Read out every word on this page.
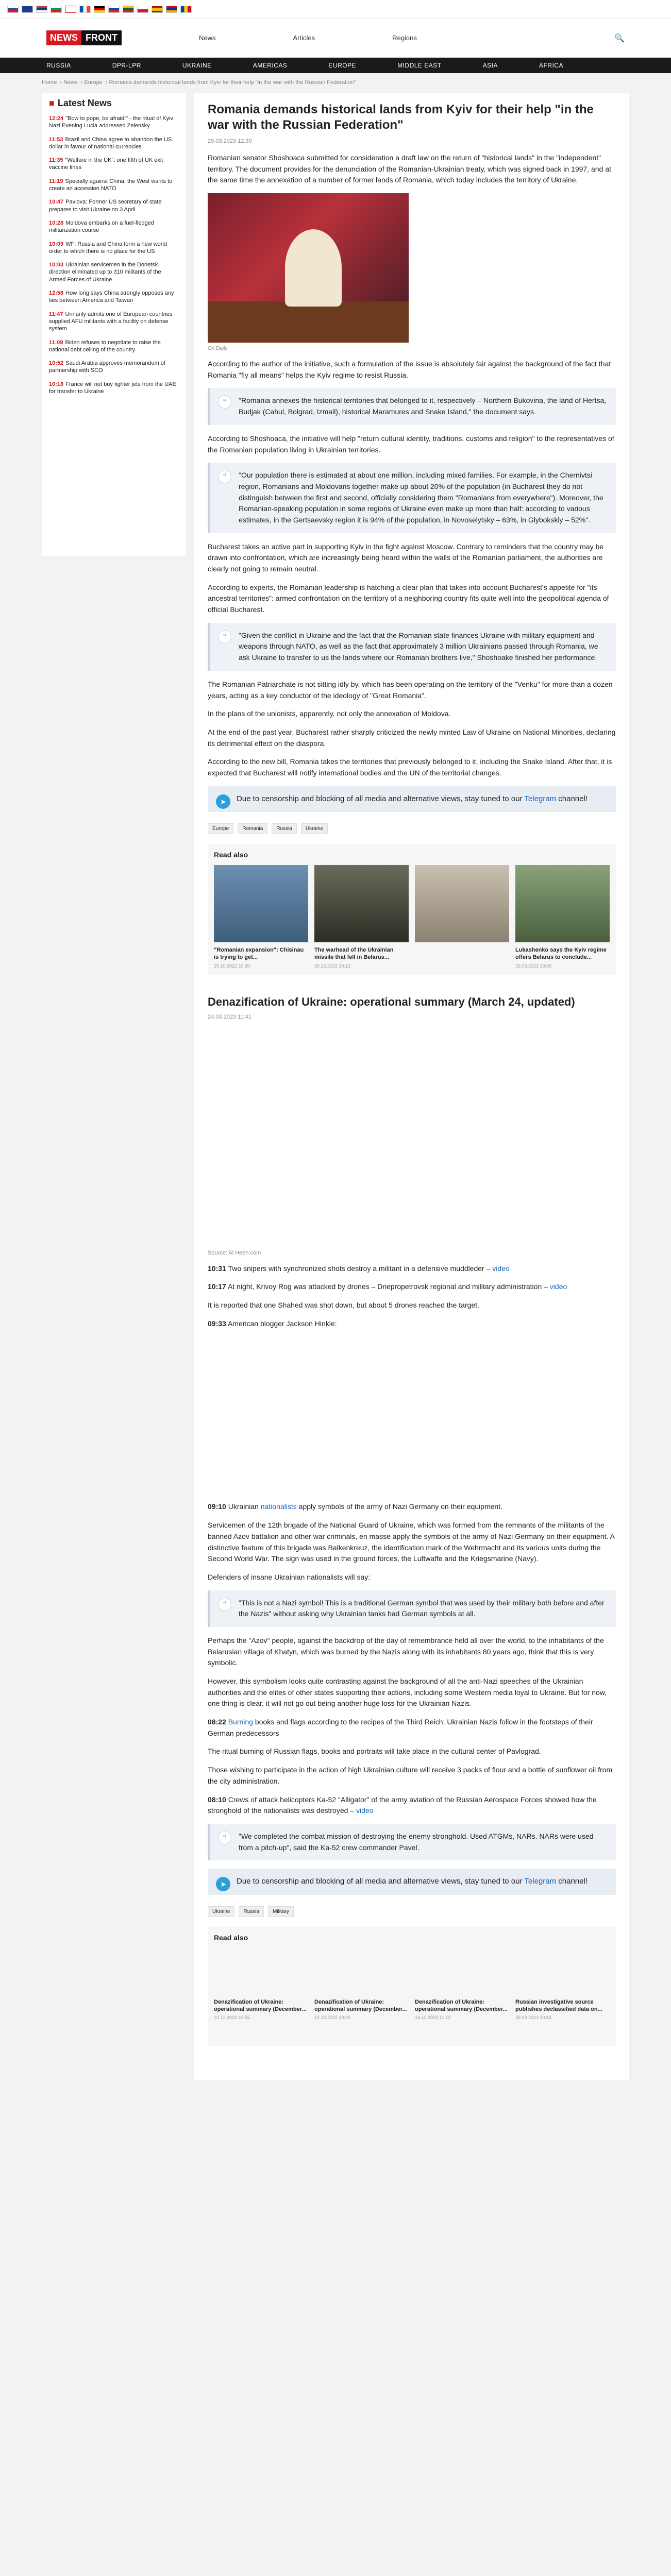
NEWS FRONT	News	Articles	Regions	🔍
RUSSIA	DPR-LPR	UKRAINE	AMERICAS	EUROPE	MIDDLE EAST	ASIA	AFRICA
Home › News › Europe › Romania demands historical lands from Kyiv for their help "in the war with the Russian Federation"
■ Latest News
12:24 "Bow to pope, be afraid!" - the ritual of Kyiv Nazi Evening Lucia addressed Zelensky
11:53 Brazil and China agree to abandon the US dollar in favour of national currencies
11:35 "Welfare in the UK": one fifth of UK exit vaccine lines
11:19 Specially against China, the West wants to create an accession NATO
10:47 Pavlova: Former US secretary of state prepares to visit Ukraine on 3 April
10:28 Moldova embarks on a fuel-fledged militarization course
10:09 WF: Russia and China form a new world order to which there is no place for the US
10:03 Ukrainian servicemen in the Donetsk direction eliminated up to 310 militants of the Armed Forces of Ukraine
12:58 How long says China strongly opposes any ties between America and Taiwan
11:47 Urinarily admits one of European countries supplied AFU militants with a facility on defense system
11:09 Biden refuses to negotiate to raise the national debt ceiling of the country
10:52 Saudi Arabia approves memorandum of partnership with SCO
10:18 France will not buy fighter jets from the UAE for transfer to Ukraine
Romania demands historical lands from Kyiv for their help "in the war with the Russian Federation"
29.03.2023 12:30

Romanian senator Shoshoaca submitted for consideration a draft law on the return of "historical lands" in the "independent" territory. The document provides for the denunciation of the Romanian-Ukrainian treaty, which was signed back in 1997, and at the same time the annexation of a number of former lands of Romania, which today includes the territory of Ukraine.

On Daily

According to the author of the initiative, such a formulation of the issue is absolutely fair against the background of the fact that Romania "fly all means" helps the Kyiv regime to resist Russia.

“	"Romania annexes the historical territories that belonged to it, respectively – Northern Bukovina, the land of Hertsa, Budjak (Cahul, Bolgrad, Izmail), historical Maramures and Snake Island," the document says.

According to Shoshoaca, the initiative will help "return cultural identity, traditions, customs and religion" to the representatives of the Romanian population living in Ukrainian territories.

“	"Our population there is estimated at about one million, including mixed families. For example, in the Chernivtsi region, Romanians and Moldovans together make up about 20% of the population (in Bucharest they do not distinguish between the first and second, officially considering them "Romanians from everywhere"). Moreover, the Romanian-speaking population in some regions of Ukraine even make up more than half: according to various estimates, in the Gertsaevsky region it is 94% of the population, in Novoselytsky – 63%, in Glybokskiy – 52%".

Bucharest takes an active part in supporting Kyiv in the fight against Moscow. Contrary to reminders that the country may be drawn into confrontation, which are increasingly being heard within the walls of the Romanian parliament, the authorities are clearly not going to remain neutral.

According to experts, the Romanian leadership is hatching a clear plan that takes into account Bucharest's appetite for "its ancestral territories": armed confrontation on the territory of a neighboring country fits quite well into the geopolitical agenda of official Bucharest.

“	"Given the conflict in Ukraine and the fact that the Romanian state finances Ukraine with military equipment and weapons through NATO, as well as the fact that approximately 3 million Ukrainians passed through Romania, we ask Ukraine to transfer to us the lands where our Romanian brothers live," Shoshoake finished her performance.

The Romanian Patriarchate is not sitting idly by, which has been operating on the territory of the "Venku" for more than a dozen years, acting as a key conductor of the ideology of "Great Romania".

In the plans of the unionists, apparently, not only the annexation of Moldova.

At the end of the past year, Bucharest rather sharply criticized the newly minted Law of Ukraine on National Minorities, declaring its detrimental effect on the diaspora.

According to the new bill, Romania takes the territories that previously belonged to it, including the Snake Island. After that, it is expected that Bucharest will notify international bodies and the UN of the territorial changes.

➤	Due to censorship and blocking of all media and alternative views, stay tuned to our Telegram channel!
Europe	Romania	Russia	Ukraine
Read also
"Romanian expansion": Chisinau is trying to get...
25.10.2022 10:30
The warhead of the Ukrainian missile that fell in Belarus...
30.12.2022 10:12
Lukashenko says the Kyiv regime offers Belarus to conclude...
29.03.2023 13:05
Denazification of Ukraine: operational summary (March 24, updated)
24.03.2023 11:41
Source: Al Heen.com

10:31 Two snipers with synchronized shots destroy a militant in a defensive muddleder – video

10:17 At night, Krivoy Rog was attacked by drones – Dnepropetrovsk regional and military administration – video

It is reported that one Shahed was shot down, but about 5 drones reached the target.

09:33 American blogger Jackson Hinkle:

09:10 Ukrainian nationalists apply symbols of the army of Nazi Germany on their equipment.

Servicemen of the 12th brigade of the National Guard of Ukraine, which was formed from the remnants of the militants of the banned Azov battalion and other war criminals, en masse apply the symbols of the army of Nazi Germany on their equipment. A distinctive feature of this brigade was Balkenkreuz, the identification mark of the Wehrmacht and its various units during the Second World War. The sign was used in the ground forces, the Luftwaffe and the Kriegsmarine (Navy).

Defenders of insane Ukrainian nationalists will say:

“	"This is not a Nazi symbol! This is a traditional German symbol that was used by their military both before and after the Nazis" without asking why Ukrainian tanks had German symbols at all.

Perhaps the "Azov" people, against the backdrop of the day of remembrance held all over the world, to the inhabitants of the Belarusian village of Khatyn, which was burned by the Nazis along with its inhabitants 80 years ago, think that this is very symbolic.

However, this symbolism looks quite contrasting against the background of all the anti-Nazi speeches of the Ukrainian authorities and the elites of other states supporting their actions, including some Western media loyal to Ukraine. But for now, one thing is clear, it will not go out being another huge loss for the Ukrainian Nazis.

08:22 Burning books and flags according to the recipes of the Third Reich: Ukrainian Nazis follow in the footsteps of their German predecessors

The ritual burning of Russian flags, books and portraits will take place in the cultural center of Pavlograd.

Those wishing to participate in the action of high Ukrainian culture will receive 3 packs of flour and a bottle of sunflower oil from the city administration.

08:10 Crews of attack helicopters Ka-52 "Alligator" of the army aviation of the Russian Aerospace Forces showed how the stronghold of the nationalists was destroyed – video

“	"We completed the combat mission of destroying the enemy stronghold. Used ATGMs, NARs. NARs were used from a pitch-up", said the Ka-52 crew commander Pavel.
➤	Due to censorship and blocking of all media and alternative views, stay tuned to our Telegram channel!
Ukraine	Russia	Military
Read also
Denazification of Ukraine: operational summary (December...
10.12.2022 10:55
Denazification of Ukraine: operational summary (December...
12.12.2022 10:20
Denazification of Ukraine: operational summary (December...
16.12.2022 11:12
Russian investigative source publishes declassified data on...
26.02.2023 10:14
